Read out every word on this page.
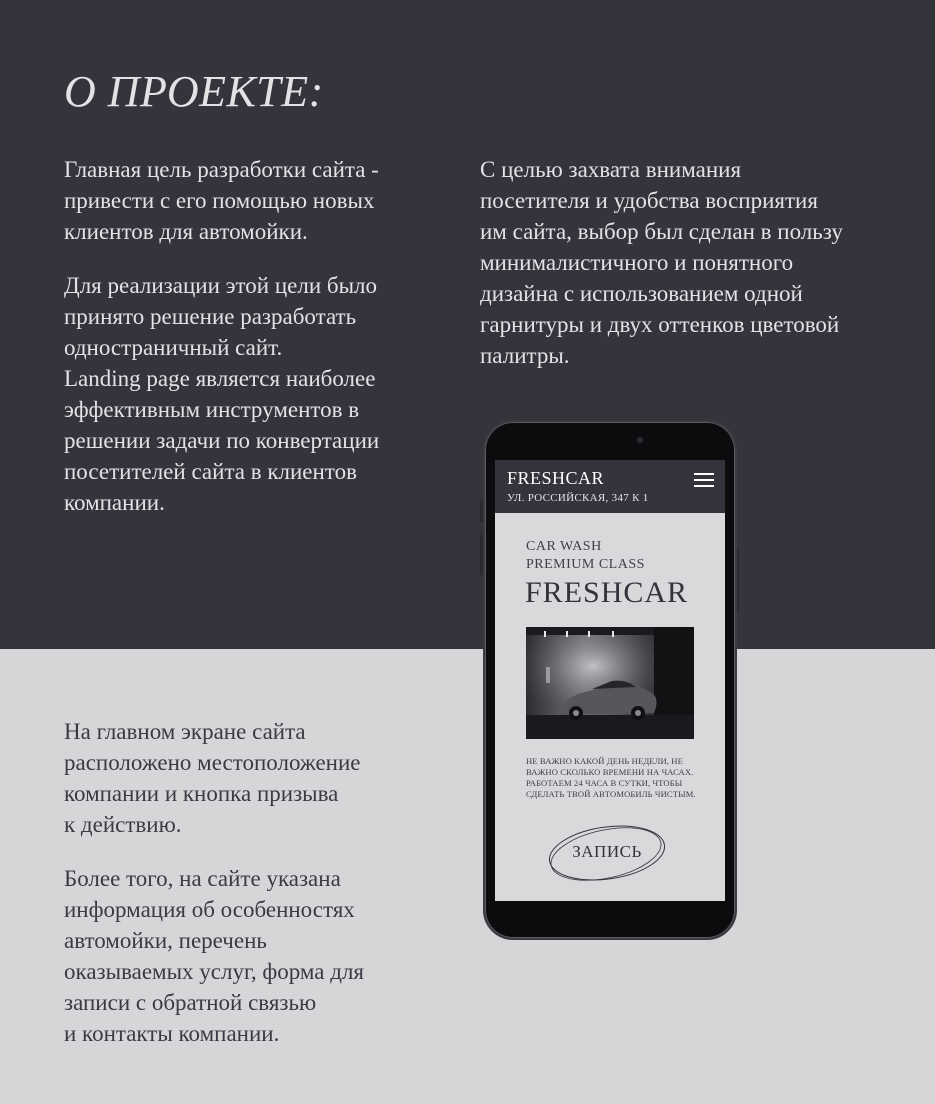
О ПРОЕКТЕ:

Главная цель разработки сайта -
привести с его помощью новых
клиентов для автомойки.

Для реализации этой цели было
принято решение разработать
одностраничный сайт.
Landing page является наиболее
эффективным инструментов в
решении задачи по конвертации
посетителей сайта в клиентов
компании.

С целью захвата внимания
посетителя и удобства восприятия
им сайта, выбор был сделан в пользу
минималистичного и понятного
дизайна с использованием одной
гарнитуры и двух оттенков цветовой
палитры.

На главном экране сайта
расположено местоположение
компании и кнопка призыва
к действию.

Более того, на сайте указана
информация об особенностях
автомойки, перечень
оказываемых услуг, форма для
записи с обратной связью
и контакты компании.

FRESHCAR
УЛ. РОССИЙСКАЯ, 347 К 1
CAR WASH
PREMIUM CLASS
FRESHCAR

НЕ ВАЖНО КАКОЙ ДЕНЬ НЕДЕЛИ, НЕ
ВАЖНО СКОЛЬКО ВРЕМЕНИ НА ЧАСАХ.
РАБОТАЕМ 24 ЧАСА В СУТКИ, ЧТОБЫ
СДЕЛАТЬ ТВОЙ АВТОМОБИЛЬ ЧИСТЫМ.

ЗАПИСЬ
